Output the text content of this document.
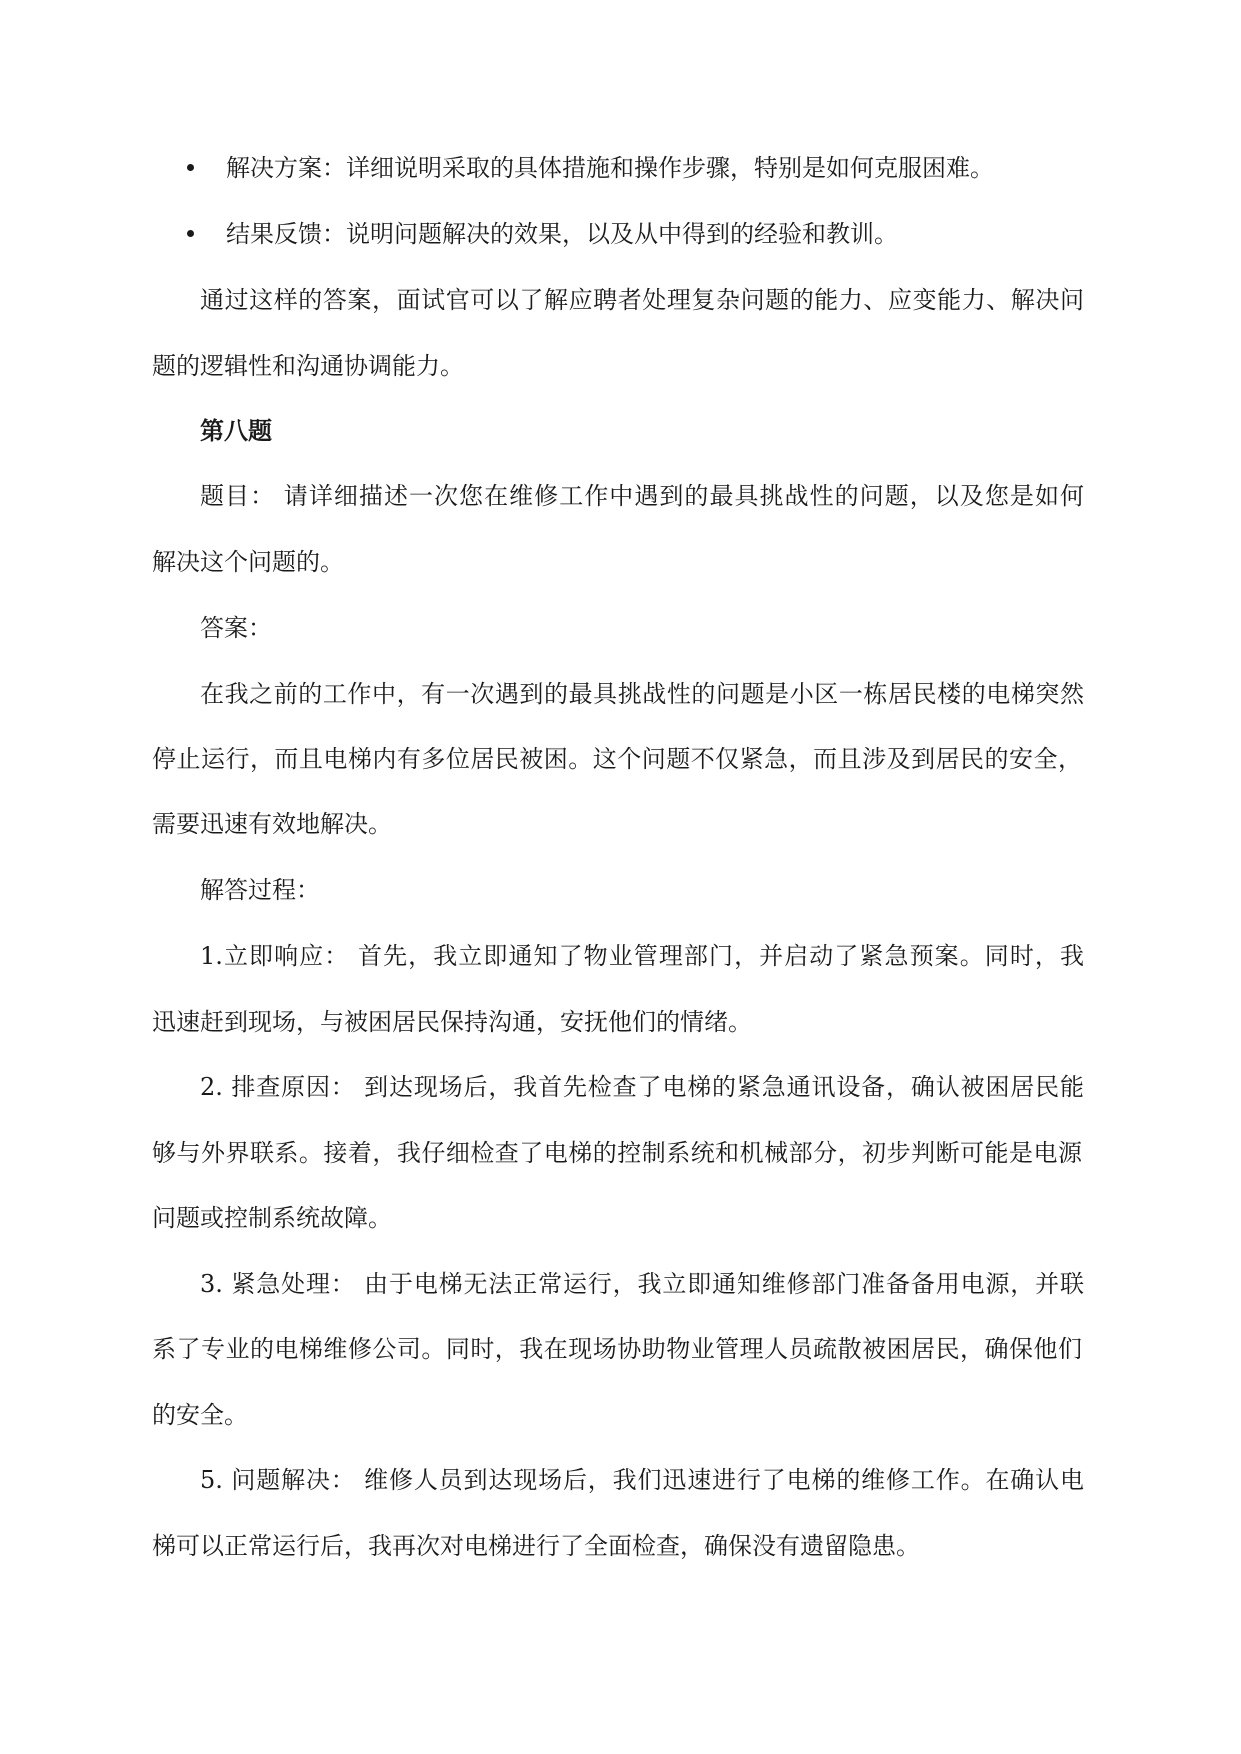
解决方案：详细说明采取的具体措施和操作步骤，特别是如何克服困难。
结果反馈：说明问题解决的效果，以及从中得到的经验和教训。
通过这样的答案，面试官可以了解应聘者处理复杂问题的能力、应变能力、解决问
题的逻辑性和沟通协调能力。
第八题
题目： 请详细描述一次您在维修工作中遇到的最具挑战性的问题，以及您是如何
解决这个问题的。
答案：
在我之前的工作中，有一次遇到的最具挑战性的问题是小区一栋居民楼的电梯突然
停止运行，而且电梯内有多位居民被困。这个问题不仅紧急，而且涉及到居民的安全，
需要迅速有效地解决。
解答过程：
1.立即响应： 首先，我立即通知了物业管理部门，并启动了紧急预案。同时，我
迅速赶到现场，与被困居民保持沟通，安抚他们的情绪。
2. 排查原因： 到达现场后，我首先检查了电梯的紧急通讯设备，确认被困居民能
够与外界联系。接着，我仔细检查了电梯的控制系统和机械部分，初步判断可能是电源
问题或控制系统故障。
3. 紧急处理： 由于电梯无法正常运行，我立即通知维修部门准备备用电源，并联
系了专业的电梯维修公司。同时，我在现场协助物业管理人员疏散被困居民，确保他们
的安全。
5. 问题解决： 维修人员到达现场后，我们迅速进行了电梯的维修工作。在确认电
梯可以正常运行后，我再次对电梯进行了全面检查，确保没有遗留隐患。
